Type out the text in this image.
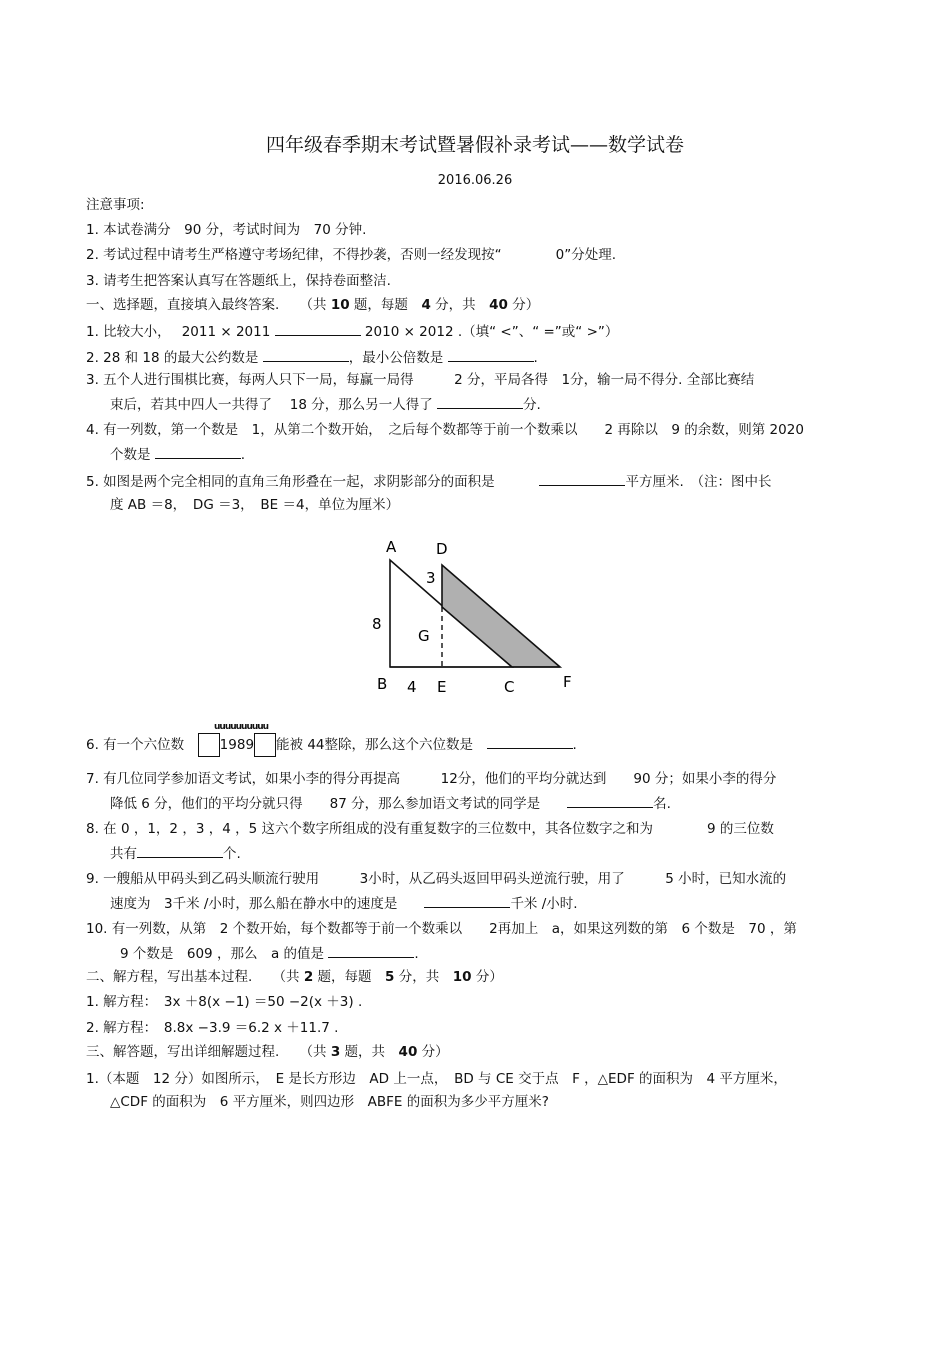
四年级春季期末考试暨暑假补录考试——数学试卷
2016.06.26
注意事项:
1. 本试卷满分　90 分，考试时间为　70 分钟.
2. 考试过程中请考生严格遵守考场纪律，不得抄袭，否则一经发现按“　　　　0”分处理.
3. 请考生把答案认真写在答题纸上，保持卷面整洁.
一、选择题，直接填入最终答案.　　（共 10 题，每题　4 分，共　40 分）
1. 比较大小，　 2011 × 2011	2010 × 2012 .（填“ <”、“ =”或“ >”）
2. 28 和 18 的最大公约数是	，最小公倍数是	.
3. 五个人进行围棋比赛，每两人只下一局，每赢一局得　　　2 分，平局各得　1分，输一局不得分. 全部比赛结
束后，若其中四人一共得了　 18 分，那么另一人得了	分.
4. 有一列数，第一个数是　1，从第二个数开始，　之后每个数都等于前一个数乘以　　2 再除以　9 的余数，则第 2020
个数是	.
5. 如图是两个完全相同的直角三角形叠在一起，求阴影部分的面积是　　　	平方厘米.　（注：图中长
度 AB ＝8，　DG ＝3，　BE ＝4，单位为厘米）
A	D
3
8
G
B 4 E	C	F
uuuuuuuuuu
6. 有一个六位数　	1989 能被 44整除，那么这个六位数是　	.
7. 有几位同学参加语文考试，如果小李的得分再提高　　　12分，他们的平均分就达到　　90 分；如果小李的得分
降低 6 分，他们的平均分就只得　　87 分，那么参加语文考试的同学是　　	名.
8. 在 0 ，1，2 ，3 ，4 ，5 这六个数字所组成的没有重复数字的三位数中，其各位数字之和为　　　　9 的三位数
共有	个.
9. 一艘船从甲码头到乙码头顺流行驶用　　　3小时，从乙码头返回甲码头逆流行驶，用了　　　5 小时，已知水流的
速度为　3千米 /小时，那么船在静水中的速度是　　	千米 /小时.
10. 有一列数，从第　2 个数开始，每个数都等于前一个数乘以　　2再加上　a，如果这列数的第　6 个数是　70 ，第
9 个数是　609 ，那么　a 的值是	.
二、解方程，写出基本过程.　　（共 2 题，每题　5 分，共　10 分）
1. 解方程：　3x ＋8(x −1) ＝50 −2(x ＋3) .
2. 解方程：　8.8x −3.9 ＝6.2 x ＋11.7 .
三、解答题，写出详细解题过程.　　（共 3 题，共　40 分）
1.（本题　12 分）如图所示，　E 是长方形边　AD 上一点，　BD 与 CE 交于点　F ，△EDF 的面积为　4 平方厘米，
△CDF 的面积为　6 平方厘米，则四边形　ABFE 的面积为多少平方厘米?
